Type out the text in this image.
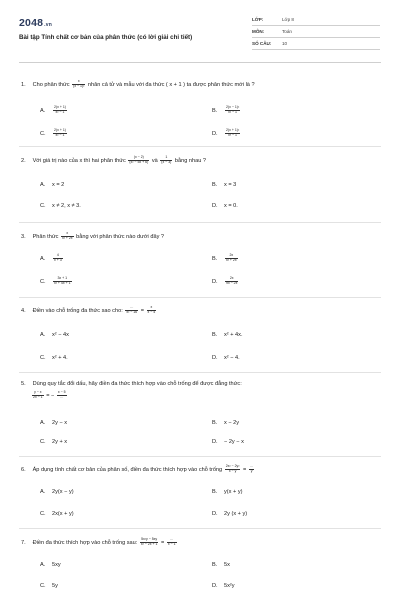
2048.vn
Bài tập Tính chất cơ bản của phân thức (có lời giải chi tiết)
LỚP:	Lớp 8
MÔN:	Toán
SỐ CÂU:	10
1. Cho phân thức $\frac{x}{\text{(x − 1)²}}$ nhân cả tử và mẫu với đa thức ( x + 1 ) ta được phân thức mới là ?
A. $\frac{2(x + 1)}{\text{x² − 1}}$	B. $\frac{\text{2(x − 1)²}}{\text{x² − 1}}$
C. $\frac{2(x + 1)}{\text{x² − 1}}$	D. $\frac{\text{2(x + 1)²}}{\text{x³ − 1}}$
2. Với giá trị nào của x thì hai phân thức $\frac{(x - 2)}{\text{(x² − 5x + 6)}}$ và $\frac{1}{(x - 3)}$ bằng nhau ?
A. x = 2	B. x = 3
C. x ≠ 2, x ≠ 3.	D. x = 0.
3. Phân thức $\frac{x}{\text{x² + 2x}}$ bằng với phân thức nào dưới đây ?
A. $\frac{4}{x + 3}$	B. $\frac{2x}{\text{x² + 2x}}$
C. $\frac{3x + 1}{\text{x² + 4x + 1}}$	D. $\frac{2x}{9x - 2x}$
4. Điền vào chỗ trống đa thức sao cho: $\frac{\dots}{\text{x² − 16}} = \frac{x}{x - 4}$
A. x² − 4x	B. x² + 4x.
C. x² + 4.	D. x² − 4.
5. Dùng quy tắc đổi dấu, hãy điền đa thức thích hợp vào chỗ trống để được đẳng thức:
$\frac{y - x}{2x - 1}$ = − $\frac{x - 5}{\dots}$
A. 2y − x	B. x − 2y
C. 2y + x	D. − 2y − x
6. Áp dụng tính chất cơ bản của phân số, điền đa thức thích hợp vào chỗ trống $\frac{\text{2x² − 2y²}}{x - y} = \frac{\dots}{y}$
A. 2y(x − y)	B. y(x + y)
C. 2x(x + y)	D. 2y (x + y)
7. Điền đa thức thích hợp vào chỗ trống sau: $\frac{\text{5x²y − 5xy}}{\text{x² − 2x + 1}} = \frac{\dots}{x - 1}$
A. 5xy	B. 5x
C. 5y	D. 5x²y
